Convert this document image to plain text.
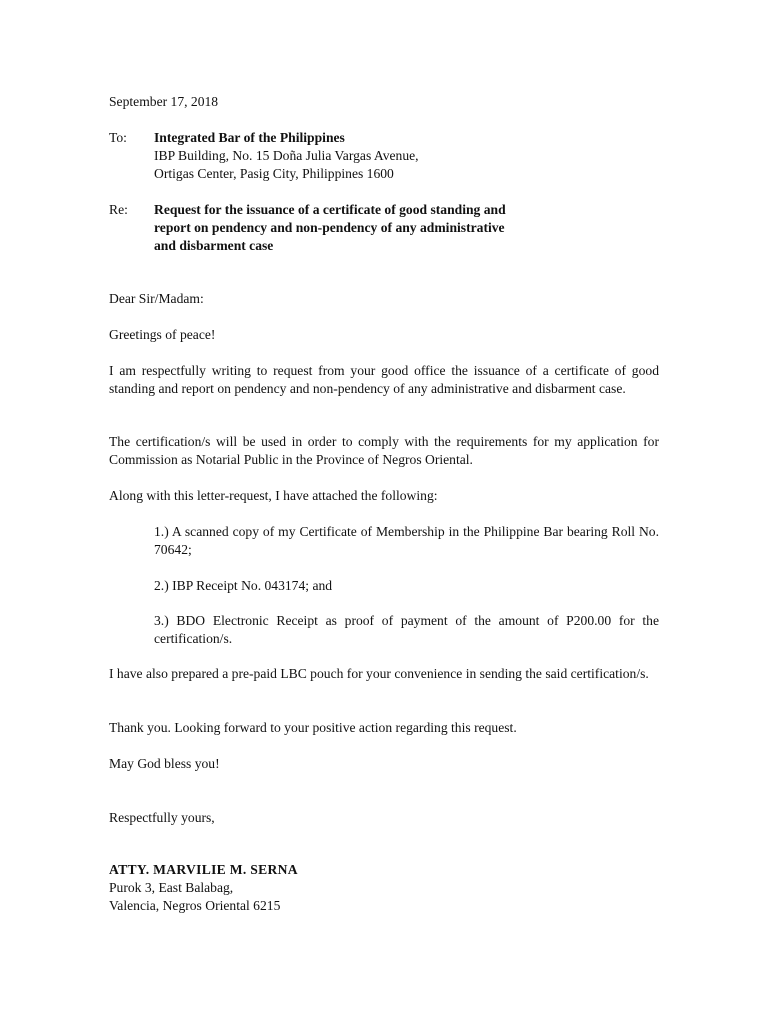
September 17, 2018
To: Integrated Bar of the Philippines
IBP Building, No. 15 Doña Julia Vargas Avenue,
Ortigas Center, Pasig City, Philippines 1600
Re: Request for the issuance of a certificate of good standing and
report on pendency and non-pendency of any administrative
and disbarment case
Dear Sir/Madam:
Greetings of peace!

I am respectfully writing to request from your good office the issuance of a certificate of good standing and report on pendency and non-pendency of any administrative and disbarment case.

The certification/s will be used in order to comply with the requirements for my application for Commission as Notarial Public in the Province of Negros Oriental.

Along with this letter-request, I have attached the following:

1.) A scanned copy of my Certificate of Membership in the Philippine Bar bearing Roll No. 70642;

2.) IBP Receipt No. 043174; and

3.) BDO Electronic Receipt as proof of payment of the amount of P200.00 for the certification/s.

I have also prepared a pre-paid LBC pouch for your convenience in sending the said certification/s.

Thank you. Looking forward to your positive action regarding this request.
May God bless you!
Respectfully yours,
ATTY. MARVILIE M. SERNA
Purok 3, East Balabag,
Valencia, Negros Oriental 6215
